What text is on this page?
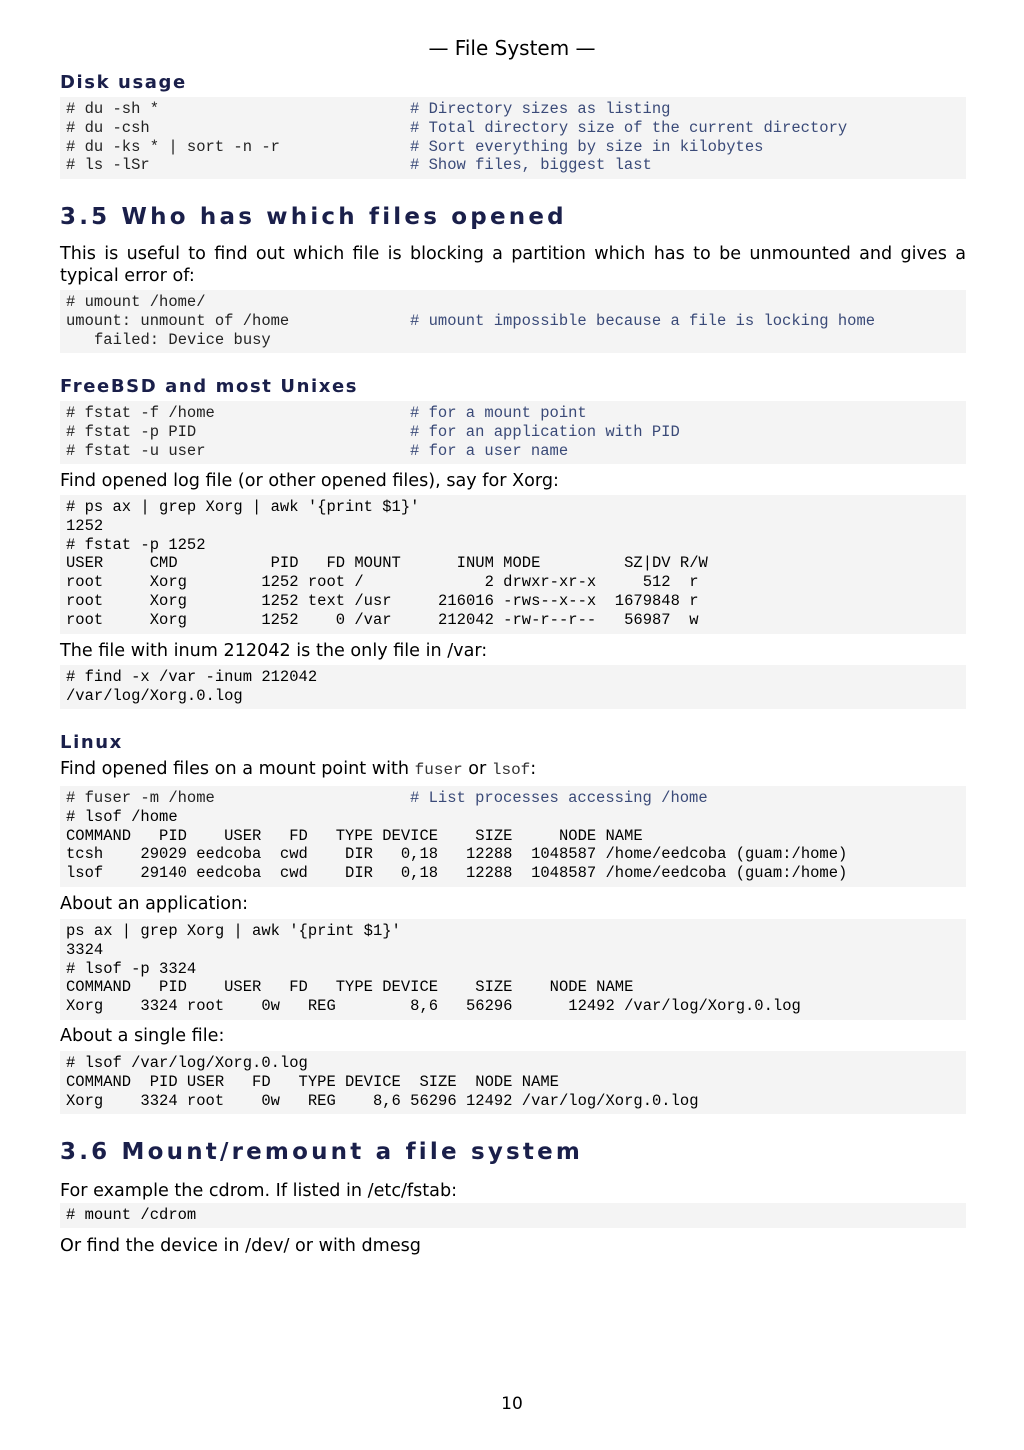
— File System —
Disk usage
# du -sh *	# Directory sizes as listing
# du -csh	# Total directory size of the current directory
# du -ks * | sort -n -r	# Sort everything by size in kilobytes
# ls -lSr	# Show files, biggest last
3.5 Who has which files opened

This is useful to find out which file is blocking a partition which has to be unmounted and gives a typical error of:

# umount /home/
umount: unmount of /home	# umount impossible because a file is locking home
failed: Device busy
FreeBSD and most Unixes
# fstat -f /home	# for a mount point
# fstat -p PID	# for an application with PID
# fstat -u user	# for a user name

Find opened log file (or other opened files), say for Xorg:

# ps ax | grep Xorg | awk '{print $1}'
1252
# fstat -p 1252
USER     CMD          PID   FD MOUNT      INUM MODE         SZ|DV R/W
root     Xorg        1252 root /             2 drwxr-xr-x     512  r
root     Xorg        1252 text /usr     216016 -rws--x--x  1679848 r
root     Xorg        1252    0 /var     212042 -rw-r--r--   56987  w

The file with inum 212042 is the only file in /var:

# find -x /var -inum 212042
/var/log/Xorg.0.log
Linux

Find opened files on a mount point with fuser or lsof:

# fuser -m /home	# List processes accessing /home
# lsof /home
COMMAND   PID    USER   FD   TYPE DEVICE    SIZE     NODE NAME
tcsh    29029 eedcoba  cwd    DIR   0,18   12288  1048587 /home/eedcoba (guam:/home)
lsof    29140 eedcoba  cwd    DIR   0,18   12288  1048587 /home/eedcoba (guam:/home)

About an application:

ps ax | grep Xorg | awk '{print $1}'
3324
# lsof -p 3324
COMMAND   PID    USER   FD   TYPE DEVICE    SIZE    NODE NAME
Xorg    3324 root    0w   REG        8,6   56296      12492 /var/log/Xorg.0.log

About a single file:

# lsof /var/log/Xorg.0.log
COMMAND  PID USER   FD   TYPE DEVICE  SIZE  NODE NAME
Xorg    3324 root    0w   REG    8,6 56296 12492 /var/log/Xorg.0.log
3.6 Mount/remount a file system

For example the cdrom. If listed in /etc/fstab:

# mount /cdrom

Or find the device in /dev/ or with dmesg

10
